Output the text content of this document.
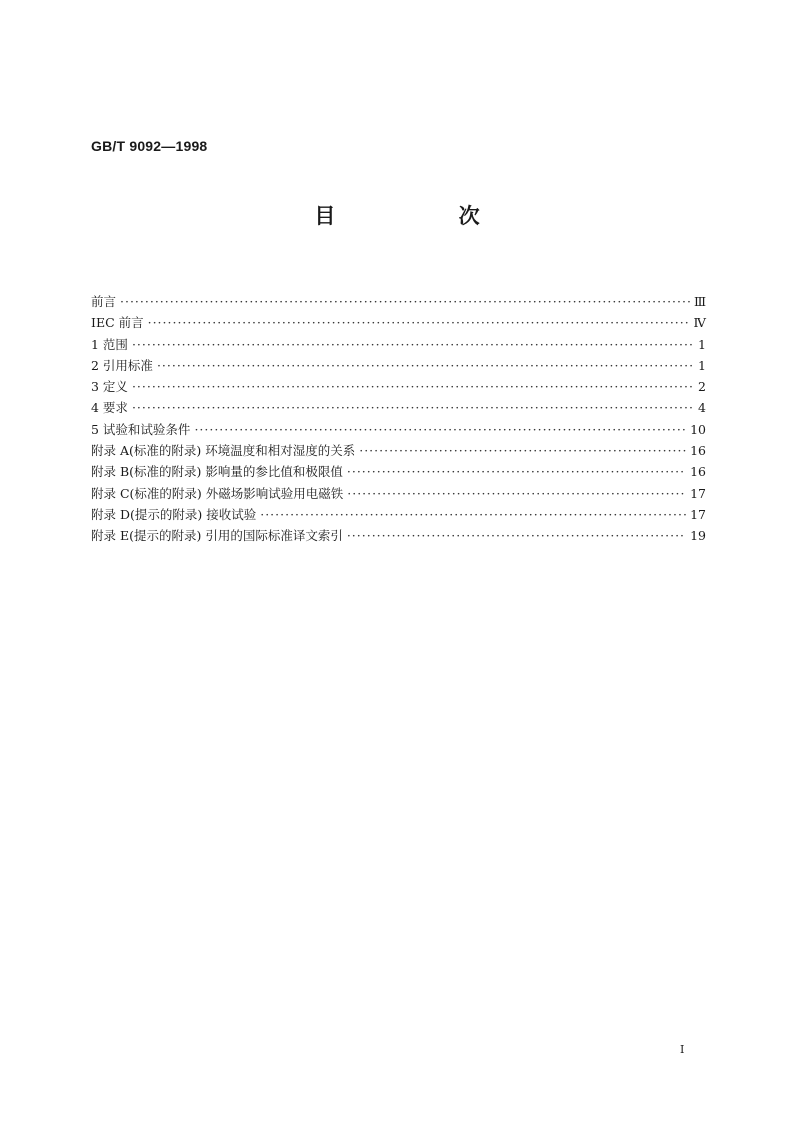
GB/T 9092—1998
目 次
前言 ·····	Ⅲ
IEC 前言 ·····	Ⅳ
1 范围 ·····	1
2 引用标准 ·····	1
3 定义 ·····	2
4 要求 ·····	4
5 试验和试验条件 ·····	10
附录 A(标准的附录) 环境温度和相对湿度的关系 ·····	16
附录 B(标准的附录) 影响量的参比值和极限值 ·····	16
附录 C(标准的附录) 外磁场影响试验用电磁铁 ·····	17
附录 D(提示的附录) 接收试验 ·····	17
附录 E(提示的附录) 引用的国际标准译文索引 ·····	19
I
